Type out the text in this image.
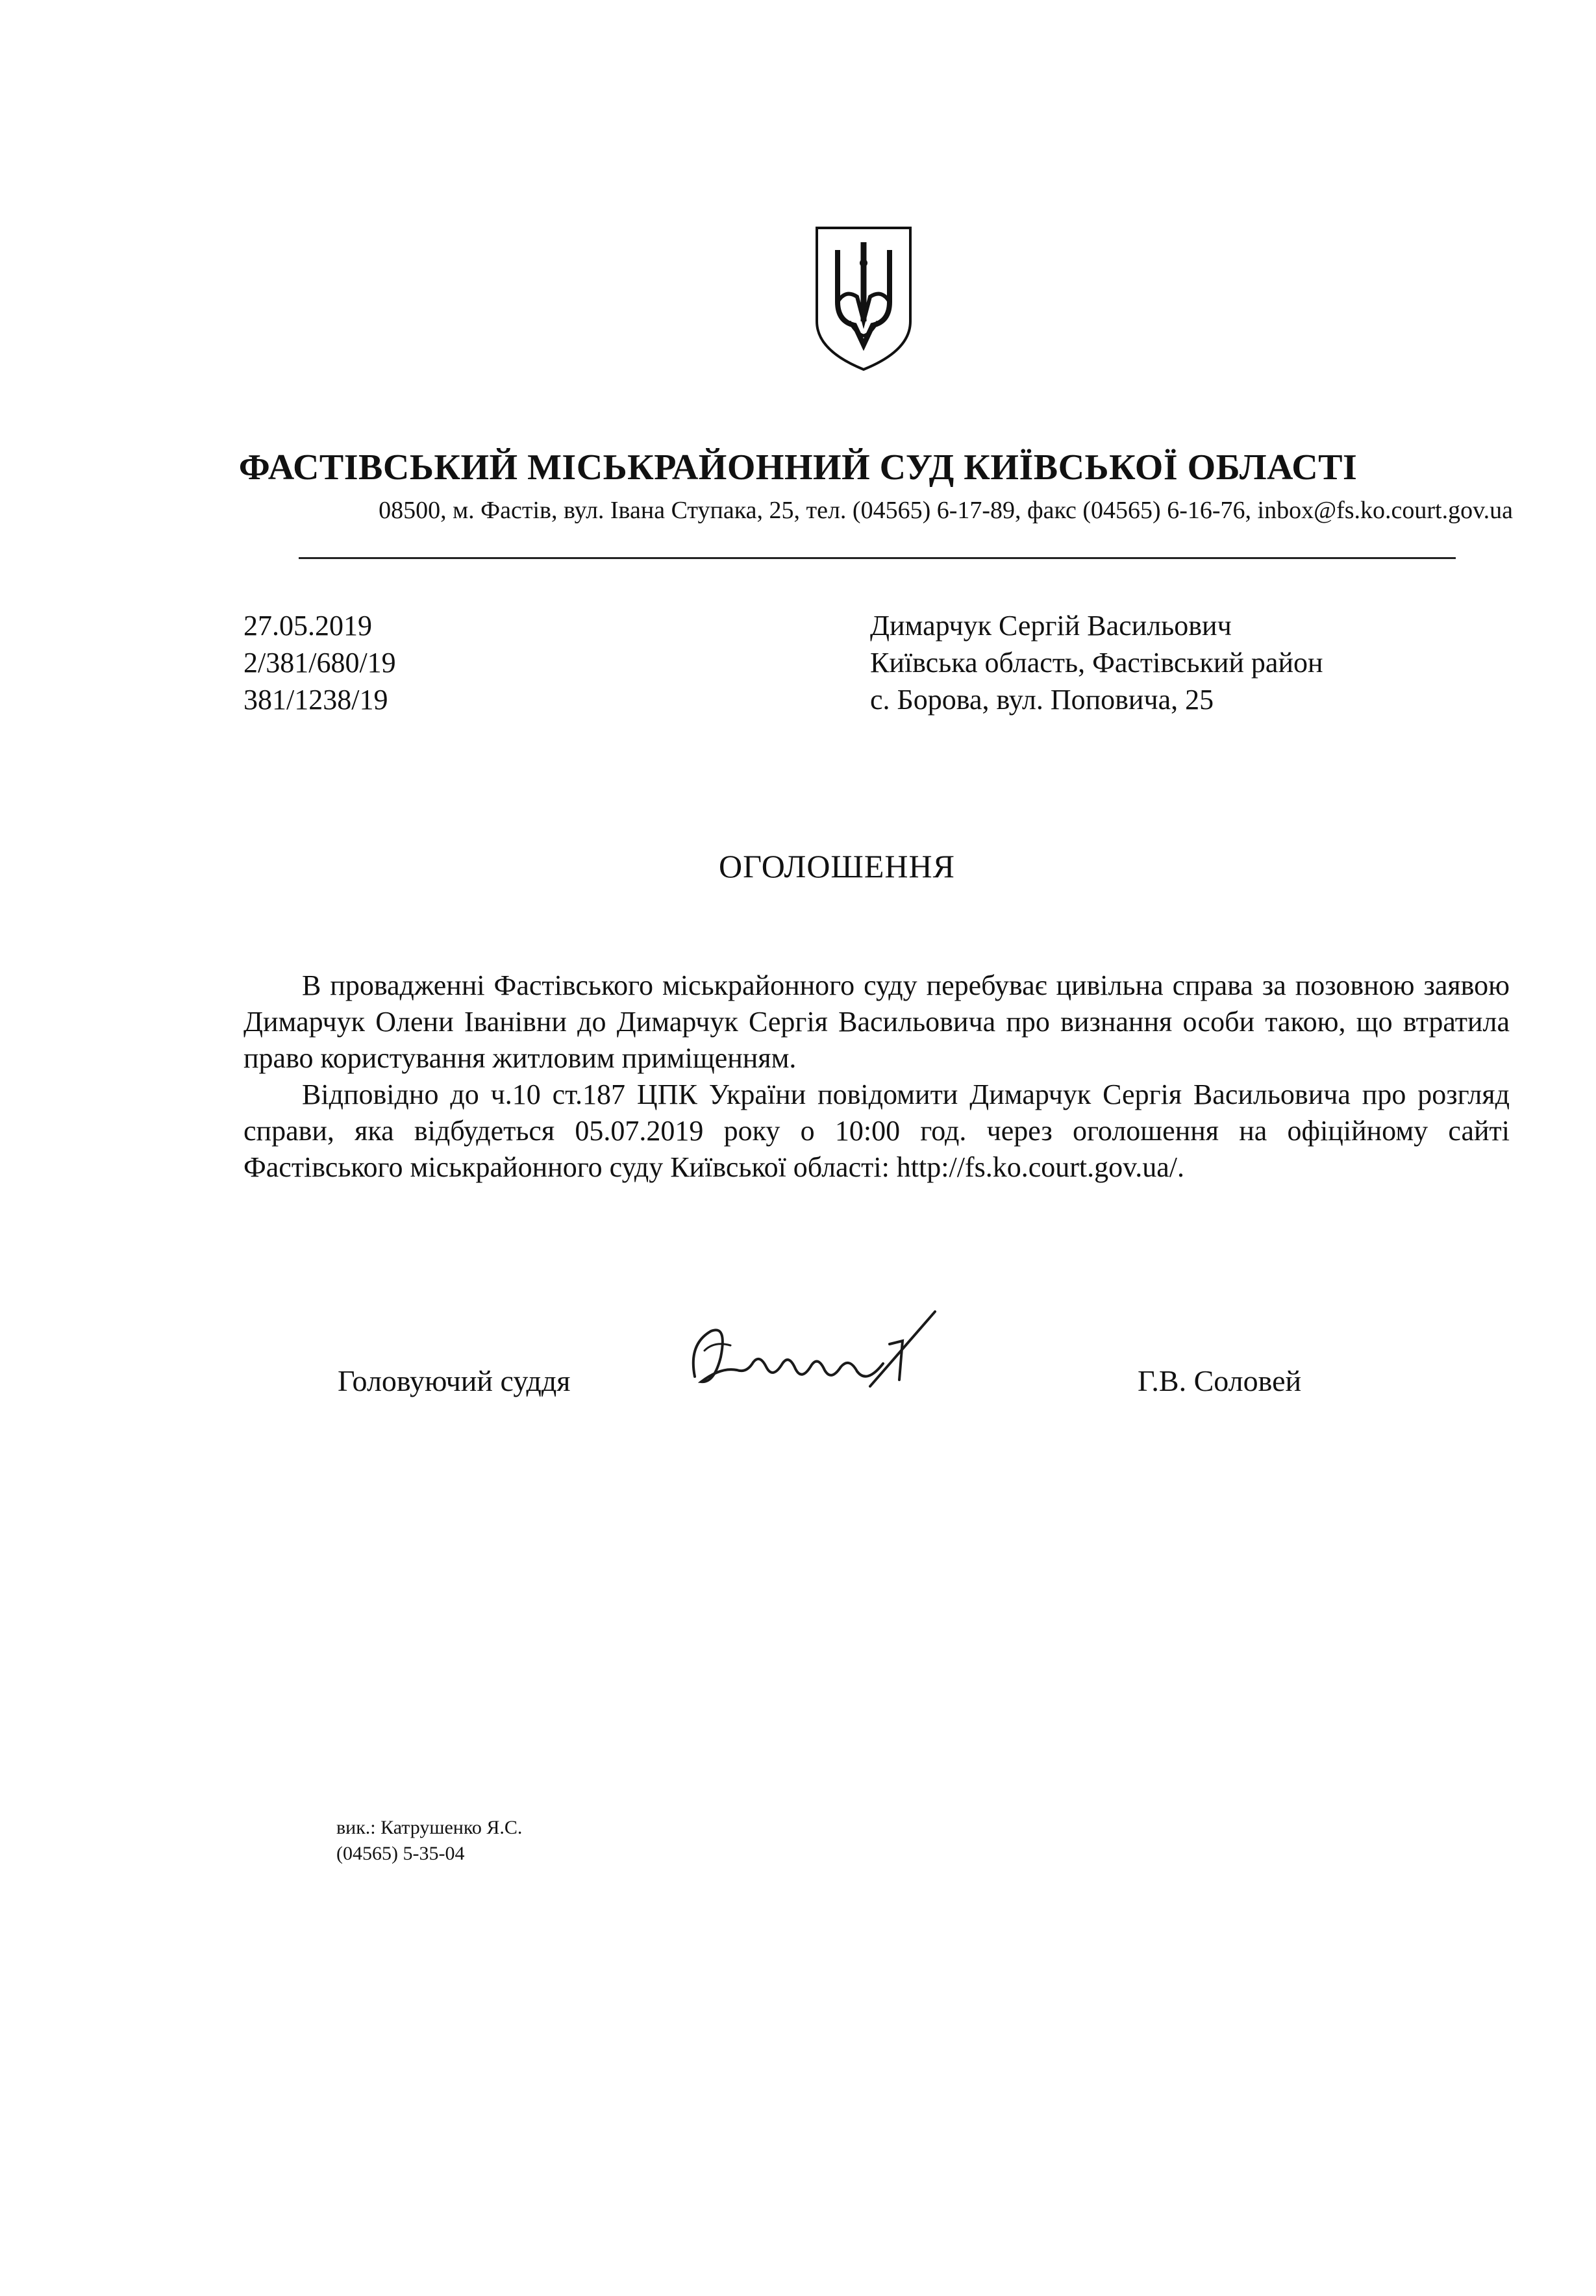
ФАСТІВСЬКИЙ МІСЬКРАЙОННИЙ СУД КИЇВСЬКОЇ ОБЛАСТІ
08500, м. Фастів, вул. Івана Ступака, 25, тел. (04565) 6-17-89, факс (04565) 6-16-76, inbox@fs.ko.court.gov.ua
27.05.2019
2/381/680/19
381/1238/19
Димарчук Сергій Васильович
Київська область, Фастівський район
с. Борова, вул. Поповича, 25
ОГОЛОШЕННЯ

В провадженні Фастівського міськрайонного суду перебуває цивільна справа за позовною заявою Димарчук Олени Іванівни до Димарчук Сергія Васильовича про визнання особи такою, що втратила право користування житловим приміщенням.

Відповідно до ч.10 ст.187 ЦПК України повідомити Димарчук Сергія Васильовича про розгляд справи, яка відбудеться 05.07.2019 року о 10:00 год. через оголошення на офіційному сайті Фастівського міськрайонного суду Київської області: http://fs.ko.court.gov.ua/.

Головуючий суддя	Г.В. Соловей
вик.: Катрушенко Я.С.
(04565) 5-35-04
